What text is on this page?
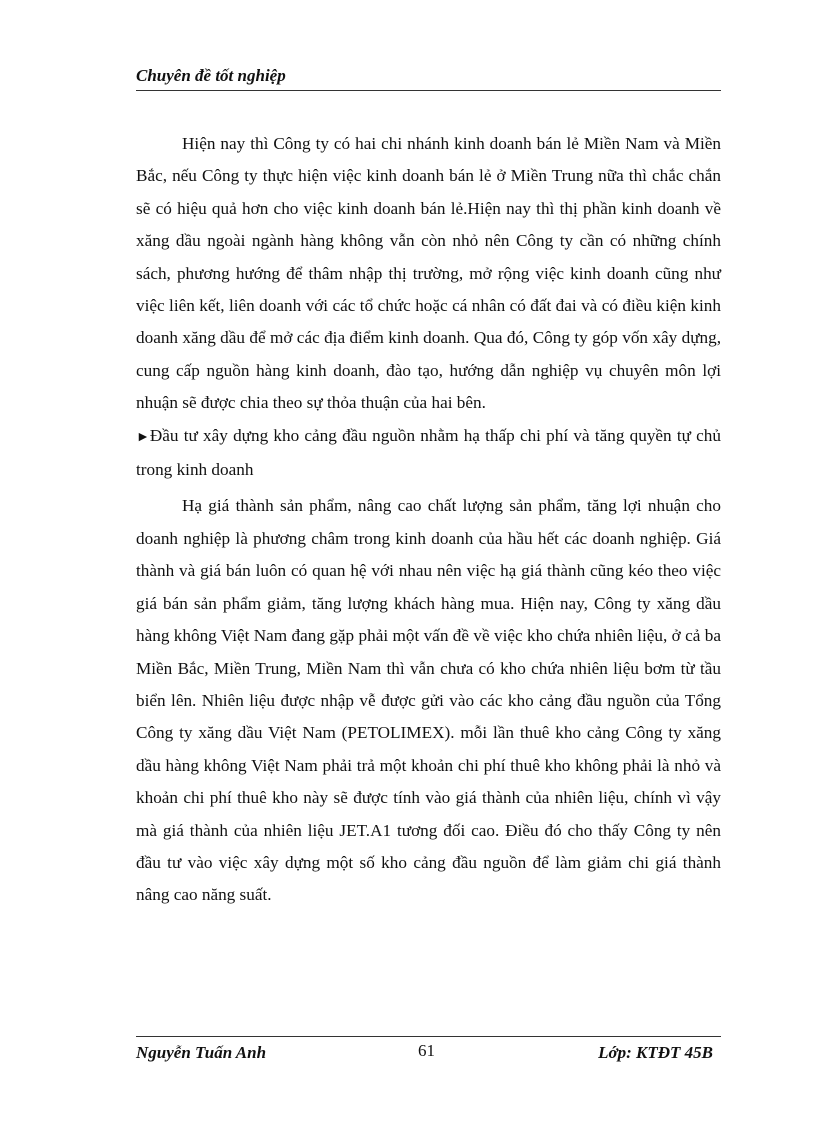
Chuyên đề tốt nghiệp

Hiện nay thì Công ty có hai chi nhánh kinh doanh bán lẻ Miền Nam và Miền Bắc, nếu Công ty thực hiện việc kinh doanh bán lẻ ở Miền Trung nữa thì chắc chắn sẽ có hiệu quả hơn cho việc kinh doanh bán lẻ.Hiện nay thì thị phần kinh doanh về xăng dầu ngoài ngành hàng không vẫn còn nhỏ nên Công ty cần có những chính sách, phương hướng để thâm nhập thị trường, mở rộng việc kinh doanh cũng như việc liên kết, liên doanh với các tổ chức hoặc cá nhân có đất đai và có điều kiện kinh doanh xăng dầu để mở các địa điểm kinh doanh. Qua đó, Công ty góp vốn xây dựng, cung cấp nguồn hàng kinh doanh, đào tạo, hướng dẫn nghiệp vụ chuyên môn lợi nhuận sẽ được chia theo sự thỏa thuận của hai bên.

►Đầu tư xây dựng kho cảng đầu nguồn nhằm hạ thấp chi phí và tăng quyền tự chủ trong kinh doanh

Hạ giá thành sản phẩm, nâng cao chất lượng sản phẩm, tăng lợi nhuận cho doanh nghiệp là phương châm trong kinh doanh của hầu hết các doanh nghiệp. Giá thành và giá bán luôn có quan hệ với nhau nên việc hạ giá thành cũng kéo theo việc giá bán sản phẩm giảm, tăng lượng khách hàng mua. Hiện nay, Công ty xăng dầu hàng không Việt Nam đang gặp phải một vấn đề về việc kho chứa nhiên liệu, ở cả ba Miền Bắc, Miền Trung, Miền Nam thì vẫn chưa có kho chứa nhiên liệu bơm từ tầu biển lên. Nhiên liệu được nhập vễ được gửi vào các kho cảng đầu nguồn của Tổng Công ty xăng dầu Việt Nam (PETOLIMEX). mỗi lần thuê kho cảng Công ty xăng dầu hàng không Việt Nam phải trả một khoản chi phí thuê kho không phải là nhỏ và khoản chi phí thuê kho này sẽ được tính vào giá thành của nhiên liệu, chính vì vậy mà giá thành của nhiên liệu JET.A1 tương đối cao. Điều đó cho thấy Công ty nên đầu tư vào việc xây dựng một số kho cảng đầu nguồn để làm giảm chi giá thành nâng cao năng suất.

Nguyễn Tuấn Anh	61	Lớp: KTĐT 45B
